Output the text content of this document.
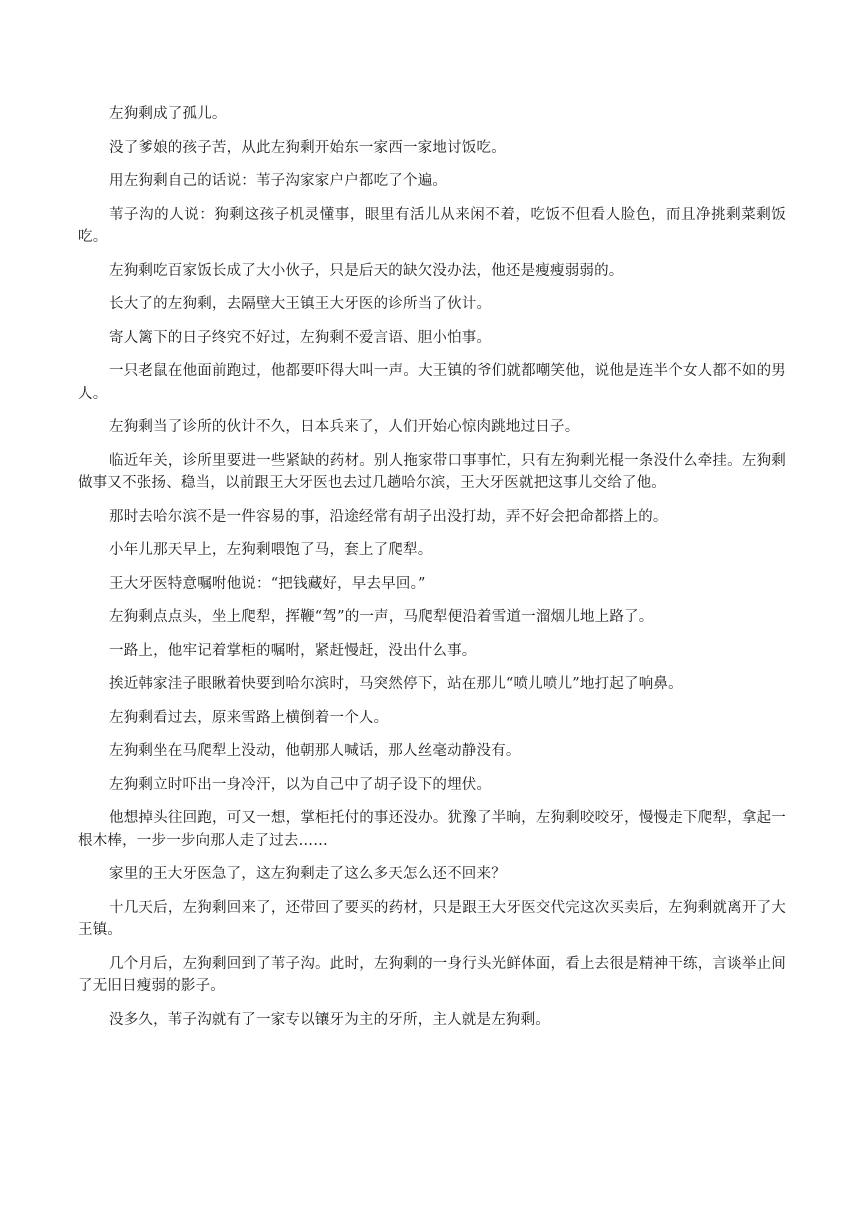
左狗剩成了孤儿。

没了爹娘的孩子苦，从此左狗剩开始东一家西一家地讨饭吃。

用左狗剩自己的话说：苇子沟家家户户都吃了个遍。

苇子沟的人说：狗剩这孩子机灵懂事，眼里有活儿从来闲不着，吃饭不但看人脸色，而且净挑剩菜剩饭吃。

左狗剩吃百家饭长成了大小伙子，只是后天的缺欠没办法，他还是瘦瘦弱弱的。

长大了的左狗剩，去隔壁大王镇王大牙医的诊所当了伙计。

寄人篱下的日子终究不好过，左狗剩不爱言语、胆小怕事。

一只老鼠在他面前跑过，他都要吓得大叫一声。大王镇的爷们就都嘲笑他，说他是连半个女人都不如的男人。

左狗剩当了诊所的伙计不久，日本兵来了，人们开始心惊肉跳地过日子。

临近年关，诊所里要进一些紧缺的药材。别人拖家带口事事忙，只有左狗剩光棍一条没什么牵挂。左狗剩做事又不张扬、稳当，以前跟王大牙医也去过几趟哈尔滨，王大牙医就把这事儿交给了他。

那时去哈尔滨不是一件容易的事，沿途经常有胡子出没打劫，弄不好会把命都搭上的。

小年儿那天早上，左狗剩喂饱了马，套上了爬犁。

王大牙医特意嘱咐他说：“把钱藏好，早去早回。”

左狗剩点点头，坐上爬犁，挥鞭“驾”的一声，马爬犁便沿着雪道一溜烟儿地上路了。

一路上，他牢记着掌柜的嘱咐，紧赶慢赶，没出什么事。

挨近韩家洼子眼瞅着快要到哈尔滨时，马突然停下，站在那儿“喷儿喷儿”地打起了响鼻。

左狗剩看过去，原来雪路上横倒着一个人。

左狗剩坐在马爬犁上没动，他朝那人喊话，那人丝毫动静没有。

左狗剩立时吓出一身冷汗，以为自己中了胡子设下的埋伏。

他想掉头往回跑，可又一想，掌柜托付的事还没办。犹豫了半晌，左狗剩咬咬牙，慢慢走下爬犁，拿起一根木棒，一步一步向那人走了过去……

家里的王大牙医急了，这左狗剩走了这么多天怎么还不回来？

十几天后，左狗剩回来了，还带回了要买的药材，只是跟王大牙医交代完这次买卖后，左狗剩就离开了大王镇。

几个月后，左狗剩回到了苇子沟。此时，左狗剩的一身行头光鲜体面，看上去很是精神干练，言谈举止间了无旧日瘦弱的影子。

没多久，苇子沟就有了一家专以镶牙为主的牙所，主人就是左狗剩。
